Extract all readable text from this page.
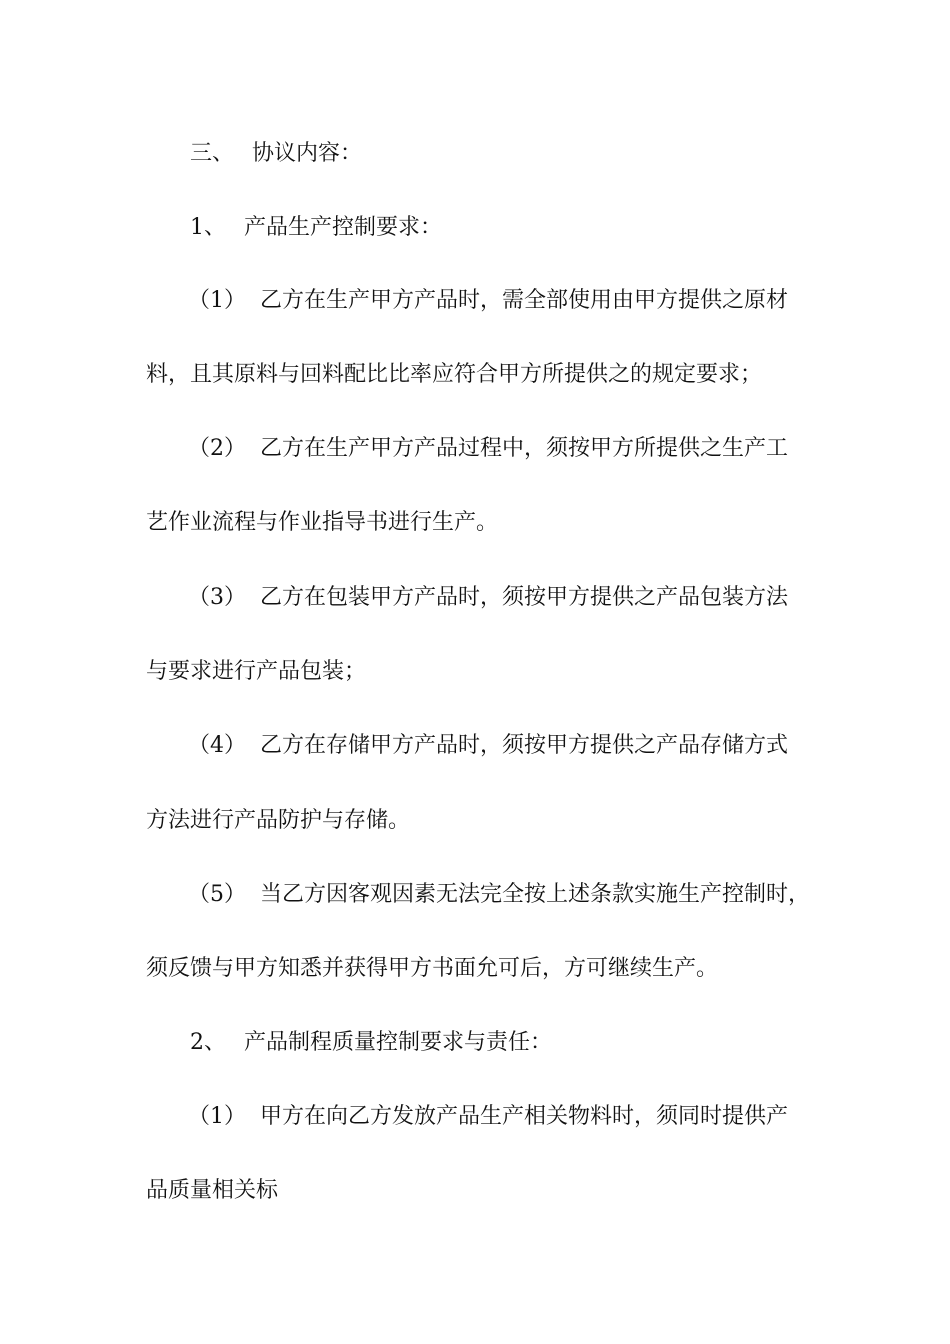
三、 协议内容：
1、 产品生产控制要求：
（1） 乙方在生产甲方产品时，需全部使用由甲方提供之原材
料，且其原料与回料配比比率应符合甲方所提供之的规定要求；
（2） 乙方在生产甲方产品过程中，须按甲方所提供之生产工
艺作业流程与作业指导书进行生产。
（3） 乙方在包装甲方产品时，须按甲方提供之产品包装方法
与要求进行产品包装；
（4） 乙方在存储甲方产品时，须按甲方提供之产品存储方式
方法进行产品防护与存储。
（5） 当乙方因客观因素无法完全按上述条款实施生产控制时，
须反馈与甲方知悉并获得甲方书面允可后，方可继续生产。
2、 产品制程质量控制要求与责任：
（1） 甲方在向乙方发放产品生产相关物料时，须同时提供产
品质量相关标
